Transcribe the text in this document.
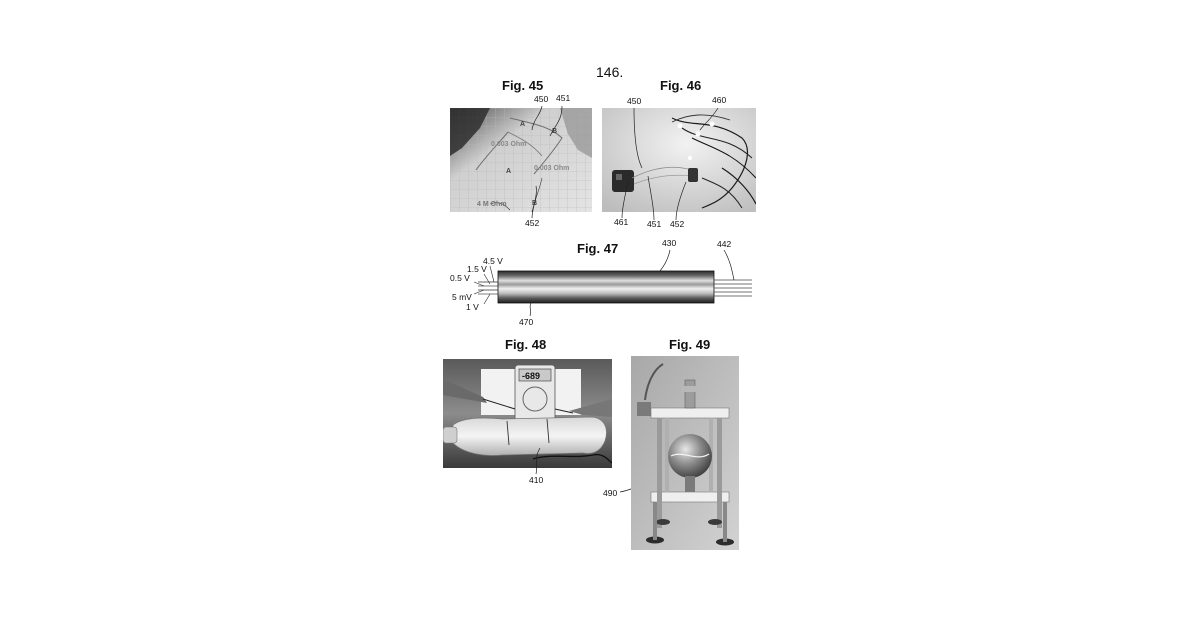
146.
Fig. 45
450 451
452
A
B
0.003 Ohm
0.003 Ohm
A
B
4 M Ohm
Fig. 46
450	460
461 451 452
Fig. 47	430	442
470
4.5 V
1.5 V
0.5 V
5 mV
1 V
Fig. 48
410
-689
Fig. 49
490
